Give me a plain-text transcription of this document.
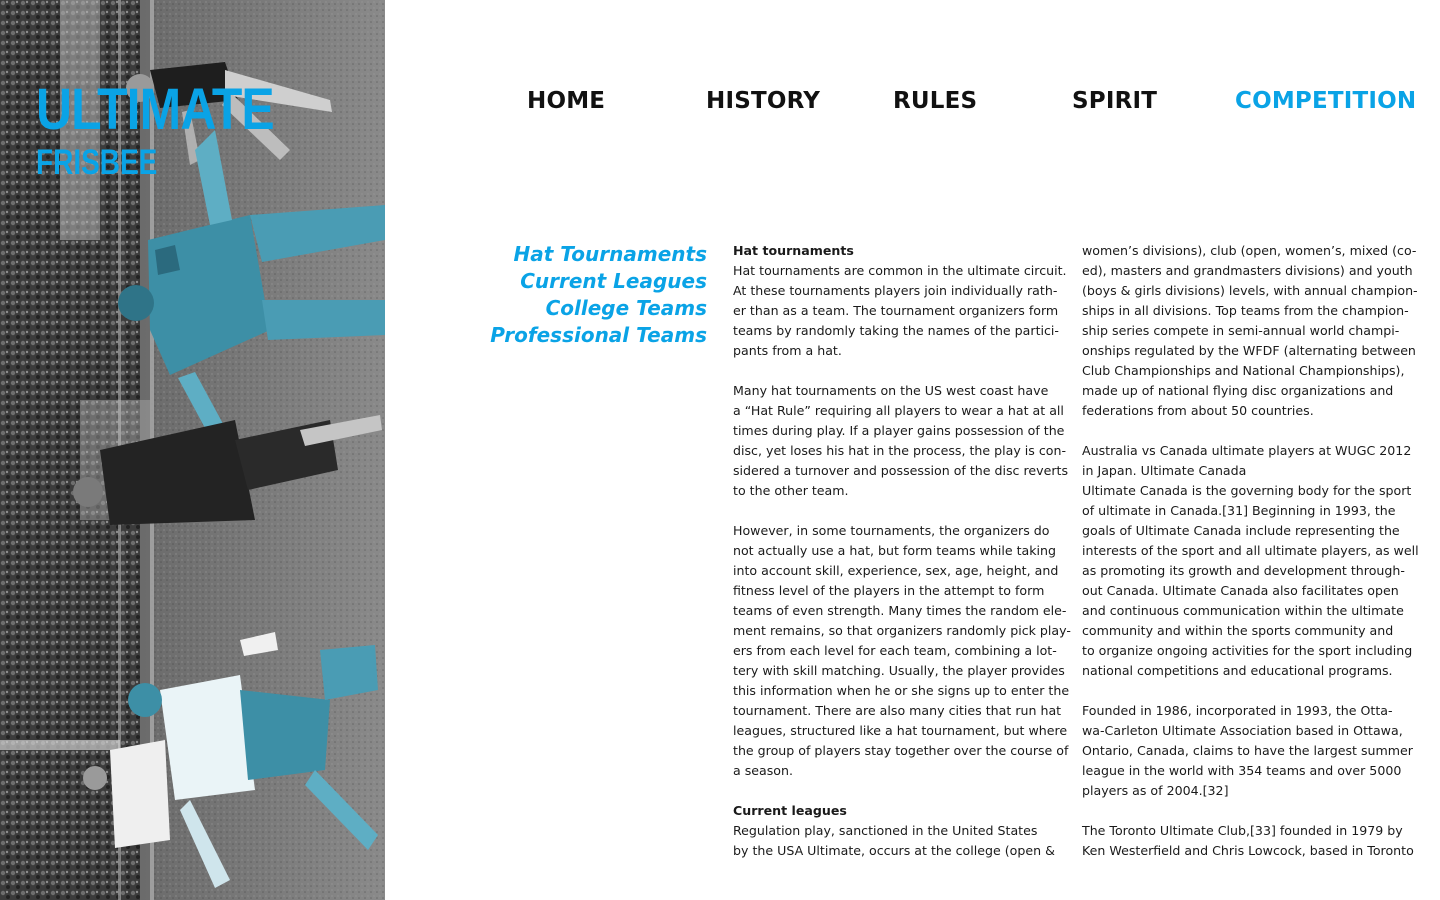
ULTIMATE
FRISBEE
HOME	HISTORY	RULES	SPIRIT	COMPETITION
Hat Tournaments
Current Leagues
College Teams
Professional Teams
Hat tournaments
Hat tournaments are common in the ultimate circuit.
At these tournaments players join individually rath-
er than as a team. The tournament organizers form
teams by randomly taking the names of the partici-
pants from a hat.
Many hat tournaments on the US west coast have
a “Hat Rule” requiring all players to wear a hat at all
times during play. If a player gains possession of the
disc, yet loses his hat in the process, the play is con-
sidered a turnover and possession of the disc reverts
to the other team.
However, in some tournaments, the organizers do
not actually use a hat, but form teams while taking
into account skill, experience, sex, age, height, and
fitness level of the players in the attempt to form
teams of even strength. Many times the random ele-
ment remains, so that organizers randomly pick play-
ers from each level for each team, combining a lot-
tery with skill matching. Usually, the player provides
this information when he or she signs up to enter the
tournament. There are also many cities that run hat
leagues, structured like a hat tournament, but where
the group of players stay together over the course of
a season.
Current leagues
Regulation play, sanctioned in the United States
by the USA Ultimate, occurs at the college (open &
women’s divisions), club (open, women’s, mixed (co-
ed), masters and grandmasters divisions) and youth
(boys & girls divisions) levels, with annual champion-
ships in all divisions. Top teams from the champion-
ship series compete in semi-annual world champi-
onships regulated by the WFDF (alternating between
Club Championships and National Championships),
made up of national flying disc organizations and
federations from about 50 countries.
Australia vs Canada ultimate players at WUGC 2012
in Japan. Ultimate Canada
Ultimate Canada is the governing body for the sport
of ultimate in Canada.[31] Beginning in 1993, the
goals of Ultimate Canada include representing the
interests of the sport and all ultimate players, as well
as promoting its growth and development through-
out Canada. Ultimate Canada also facilitates open
and continuous communication within the ultimate
community and within the sports community and
to organize ongoing activities for the sport including
national competitions and educational programs.
Founded in 1986, incorporated in 1993, the Otta-
wa-Carleton Ultimate Association based in Ottawa,
Ontario, Canada, claims to have the largest summer
league in the world with 354 teams and over 5000
players as of 2004.[32]
The Toronto Ultimate Club,[33] founded in 1979 by
Ken Westerfield and Chris Lowcock, based in Toronto
